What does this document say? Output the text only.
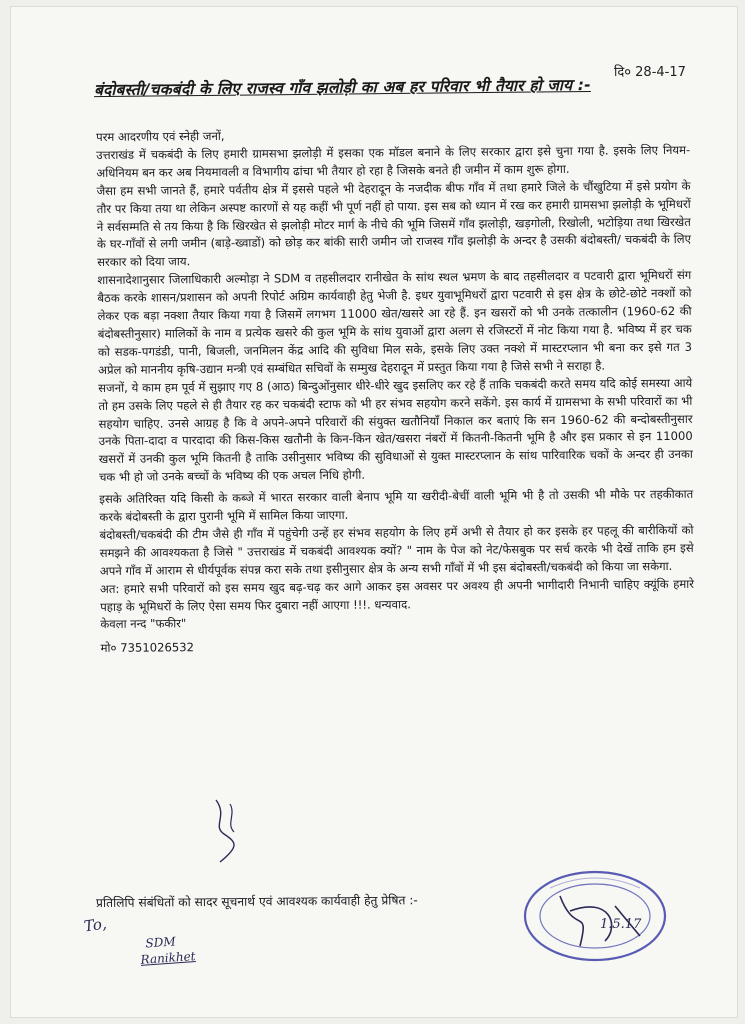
दि० 28-4-17
बंदोबस्ती/चकबंदी के लिए राजस्व गाँव झलोड़ी का अब हर परिवार भी तैयार हो जाय :-

परम आदरणीय एवं स्नेही जनों,

उत्तराखंड में चकबंदी के लिए हमारी ग्रामसभा झलोड़ी में इसका एक मॉडल बनाने के लिए सरकार द्वारा इसे चुना गया है. इसके लिए नियम-अधिनियम बन कर अब नियमावली व विभागीय ढांचा भी तैयार हो रहा है जिसके बनते ही जमीन में काम शुरू होगा.

जैसा हम सभी जानते हैं, हमारे पर्वतीय क्षेत्र में इससे पहले भी देहरादून के नजदीक बीफ गाँव में तथा हमारे जिले के चौंखुटिया में इसे प्रयोग के तौर पर किया तया था लेकिन अस्पष्ट कारणों से यह कहीं भी पूर्ण नहीं हो पाया. इस सब को ध्यान में रख कर हमारी ग्रामसभा झलोड़ी के भूमिधरों ने सर्वसम्मति से तय किया है कि खिरखेत से झलोड़ी मोटर मार्ग के नीचे की भूमि जिसमें गाँव झलोड़ी, खड़गोली, रिखोली, भटोड़िया तथा खिरखेत के घर-गाँवों से लगी जमीन (बाड़े-ख्वाडों) को छोड़ कर बांकी सारी जमीन जो राजस्व गाँव झलोड़ी के अन्दर है उसकी बंदोबस्ती/ चकबंदी के लिए सरकार को दिया जाय.

शासनादेशानुसार जिलाधिकारी अल्मोड़ा ने SDM व तहसीलदार रानीखेत के सांथ स्थल भ्रमण के बाद तहसीलदार व पटवारी द्वारा भूमिधरों संग बैठक करके शासन/प्रशासन को अपनी रिपोर्ट अग्रिम कार्यवाही हेतु भेजी है. इधर युवाभूमिधरों द्वारा पटवारी से इस क्षेत्र के छोटे-छोटे नक्शों को लेकर एक बड़ा नक्शा तैयार किया गया है जिसमें लगभग 11000 खेत/खसरे आ रहे हैं. इन खसरों को भी उनके तत्कालीन (1960-62 की बंदोबस्तीनुसार) मालिकों के नाम व प्रत्येक खसरे की कुल भूमि के सांथ युवाओं द्वारा अलग से रजिस्टरों में नोट किया गया है. भविष्य में हर चक को सडक-पगडंडी, पानी, बिजली, जनमिलन केंद्र आदि की सुविधा मिल सके, इसके लिए उक्त नक्शे में मास्टरप्लान भी बना कर इसे गत 3 अप्रेल को माननीय कृषि-उद्यान मन्त्री एवं सम्बंधित सचिवों के सम्मुख देहरादून में प्रस्तुत किया गया है जिसे सभी ने सराहा है.

सजनों, ये काम हम पूर्व में सुझाए गए 8 (आठ) बिन्दुओंनुसार धीरे-धीरे खुद इसलिए कर रहे हैं ताकि चकबंदी करते समय यदि कोई समस्या आये तो हम उसके लिए पहले से ही तैयार रह कर चकबंदी स्टाफ को भी हर संभव सहयोग करने सकेंगे. इस कार्य में ग्रामसभा के सभी परिवारों का भी सहयोग चाहिए. उनसे आग्रह है कि वे अपने-अपने परिवारों की संयुक्त खतौनियाँ निकाल कर बताएं कि सन 1960-62 की बन्दोबस्तीनुसार उनके पिता-दादा व पारदादा की किस-किस खतौनी के किन-किन खेत/खसरा नंबरों में कितनी-कितनी भूमि है और इस प्रकार से इन 11000 खसरों में उनकी कुल भूमि कितनी है ताकि उसीनुसार भविष्य की सुविधाओं से युक्त मास्टरप्लान के सांथ पारिवारिक चकों के अन्दर ही उनका चक भी हो जो उनके बच्चों के भविष्य की एक अचल निधि होगी.

इसके अतिरिक्त यदि किसी के कब्जे में भारत सरकार वाली बेनाप भूमि या खरीदी-बेचीं वाली भूमि भी है तो उसकी भी मौके पर तहकीकात करके बंदोबस्ती के द्वारा पुरानी भूमि में सामिल किया जाएगा.

बंदोबस्ती/चकबंदी की टीम जैसे ही गाँव में पहुंचेगी उन्हें हर संभव सहयोग के लिए हमें अभी से तैयार हो कर इसके हर पहलू की बारीकियों को समझने की आवश्यकता है जिसे " उत्तराखंड में चकबंदी आवश्यक क्यों? " नाम के पेज को नेट/फेसबुक पर सर्च करके भी देखें ताकि हम इसे अपने गाँव में आराम से धीर्यपूर्वक संपन्न करा सके तथा इसीनुसार क्षेत्र के अन्य सभी गाँवों में भी इस बंदोबस्ती/चकबंदी को किया जा सकेगा.

अत: हमारे सभी परिवारों को इस समय खुद बढ़-चढ़ कर आगे आकर इस अवसर पर अवश्य ही अपनी भागीदारी निभानी चाहिए क्यूंकि हमारे पहाड़ के भूमिधरों के लिए ऐसा समय फिर दुबारा नहीं आएगा !!!. धन्यवाद.

केवला नन्द "फकीर"

मो० 7351026532

प्रतिलिपि संबंधितों को सादर सूचनार्थ एवं आवश्यक कार्यवाही हेतु प्रेषित :-
To,
SDM
Ranikhet
1.5.17
